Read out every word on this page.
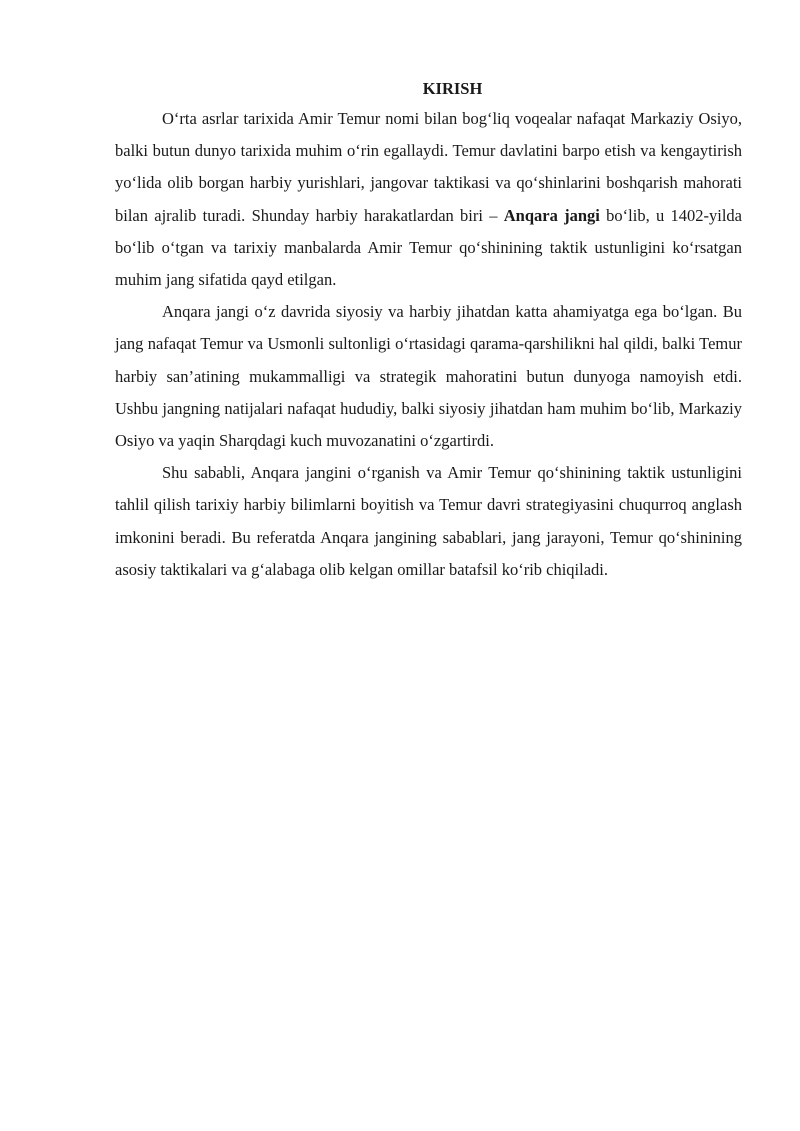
KIRISH

O‘rta asrlar tarixida Amir Temur nomi bilan bog‘liq voqealar nafaqat Markaziy Osiyo, balki butun dunyo tarixida muhim o‘rin egallaydi. Temur davlatini barpo etish va kengaytirish yo‘lida olib borgan harbiy yurishlari, jangovar taktikasi va qo‘shinlarini boshqarish mahorati bilan ajralib turadi. Shunday harbiy harakatlardan biri – Anqara jangi bo‘lib, u 1402-yilda bo‘lib o‘tgan va tarixiy manbalarda Amir Temur qo‘shinining taktik ustunligini ko‘rsatgan muhim jang sifatida qayd etilgan.

Anqara jangi o‘z davrida siyosiy va harbiy jihatdan katta ahamiyatga ega bo‘lgan. Bu jang nafaqat Temur va Usmonli sultonligi o‘rtasidagi qarama-qarshilikni hal qildi, balki Temur harbiy san’atining mukammalligi va strategik mahoratini butun dunyoga namoyish etdi. Ushbu jangning natijalari nafaqat hududiy, balki siyosiy jihatdan ham muhim bo‘lib, Markaziy Osiyo va yaqin Sharqdagi kuch muvozanatini o‘zgartirdi.

Shu sababli, Anqara jangini o‘rganish va Amir Temur qo‘shinining taktik ustunligini tahlil qilish tarixiy harbiy bilimlarni boyitish va Temur davri strategiyasini chuqurroq anglash imkonini beradi. Bu referatda Anqara jangining sabablari, jang jarayoni, Temur qo‘shinining asosiy taktikalari va g‘alabaga olib kelgan omillar batafsil ko‘rib chiqiladi.
